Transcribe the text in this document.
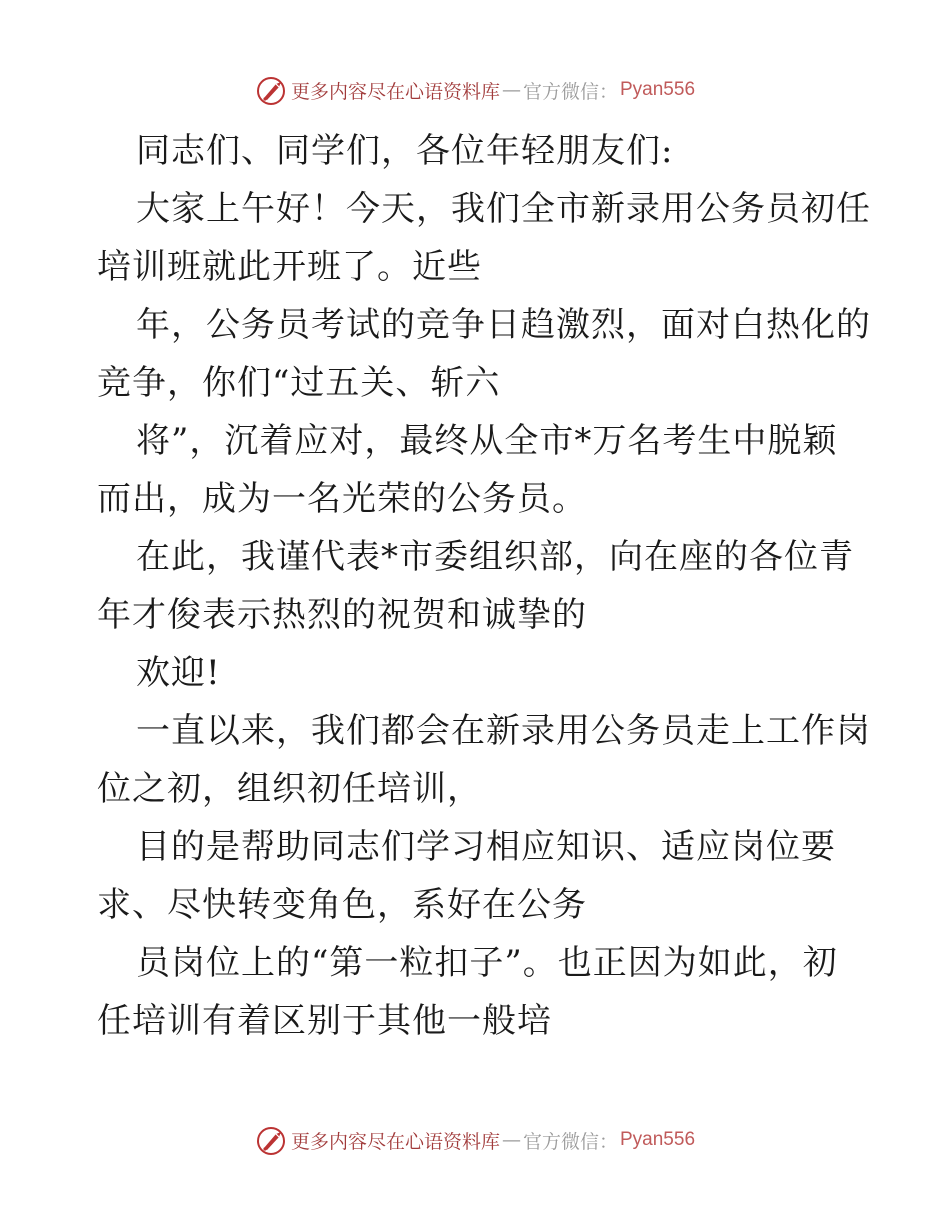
更多内容尽在心语资料库 — 官方微信： Pyan556

同志们、同学们，各位年轻朋友们:

大家上午好！今天，我们全市新录用公务员初任

培训班就此开班了。近些

年，公务员考试的竞争日趋激烈，面对白热化的

竞争，你们“过五关、斩六

将”，沉着应对，最终从全市*万名考生中脱颖

而出，成为一名光荣的公务员。

在此，我谨代表*市委组织部，向在座的各位青

年才俊表示热烈的祝贺和诚挚的

欢迎!

一直以来，我们都会在新录用公务员走上工作岗

位之初，组织初任培训，

目的是帮助同志们学习相应知识、适应岗位要

求、尽快转变角色，系好在公务

员岗位上的“第一粒扣子”。也正因为如此，初

任培训有着区别于其他一般培

更多内容尽在心语资料库 — 官方微信： Pyan556
